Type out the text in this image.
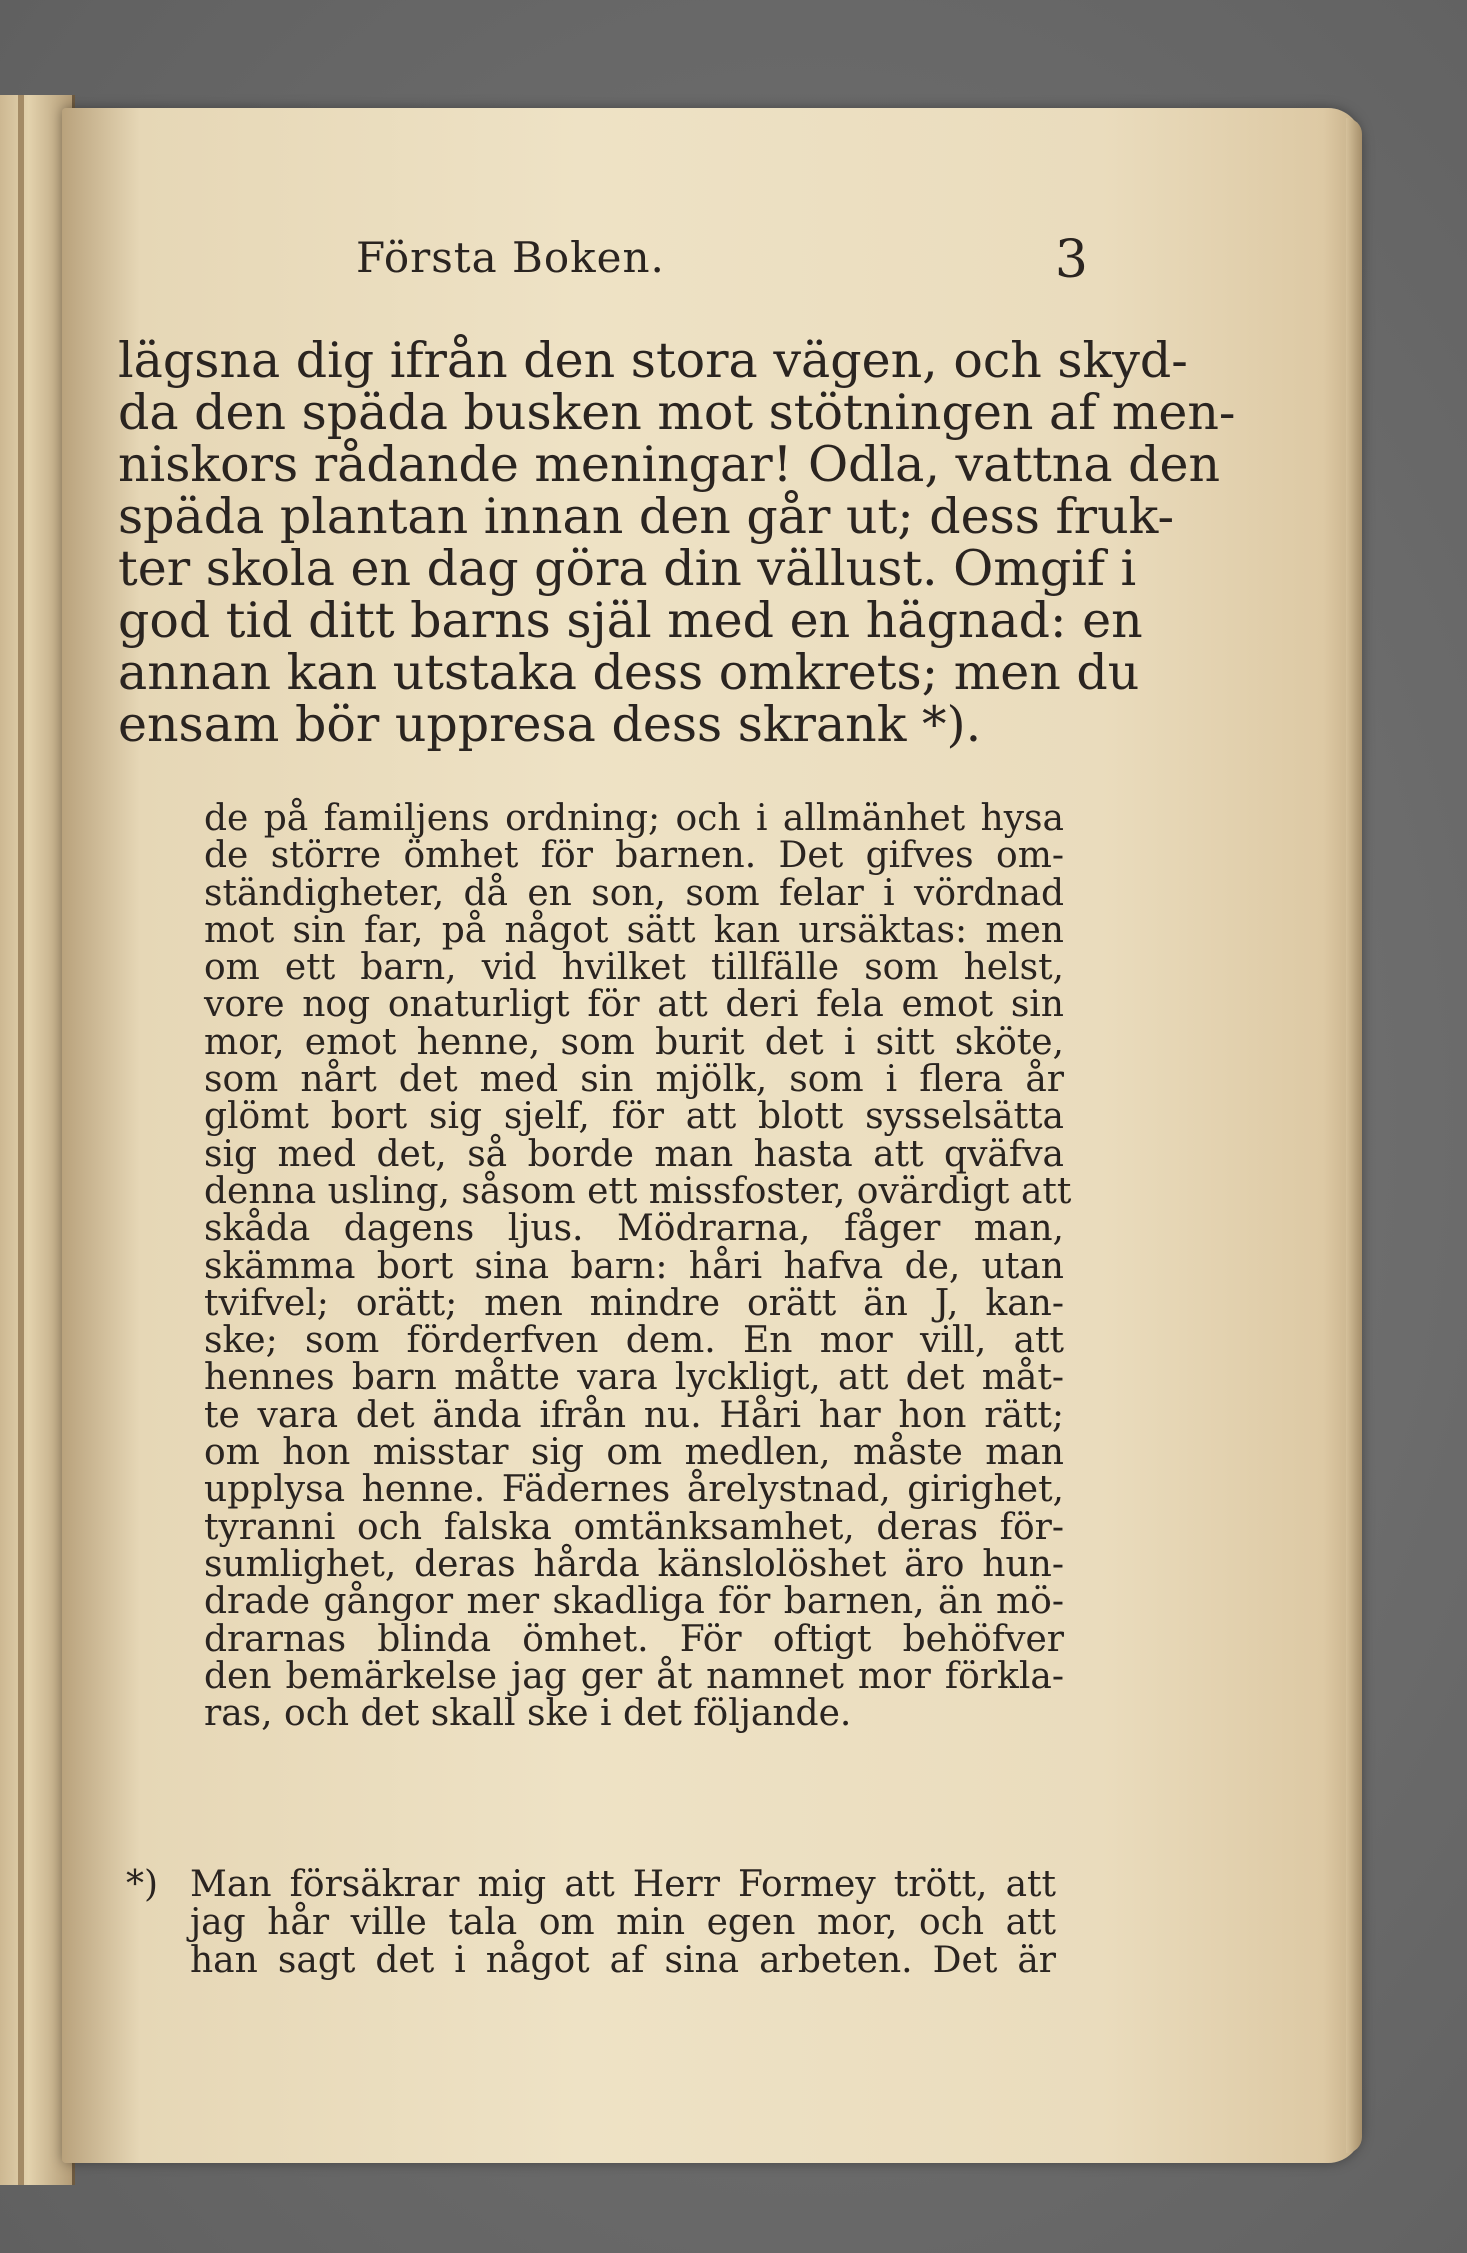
Första Boken.	3
lägsna dig ifrån den stora vägen, och skyd-
da den späda busken mot stötningen af men-
niskors rådande meningar! Odla, vattna den
späda plantan innan den går ut; dess fruk-
ter skola en dag göra din vällust. Omgif i
god tid ditt barns själ med en hägnad: en
annan kan utstaka dess omkrets; men du
ensam bör uppresa dess skrank *).
de på familjens ordning; och i allmänhet hysa
de större ömhet för barnen. Det gifves om-
ständigheter, då en son, som felar i vördnad
mot sin far, på något sätt kan ursäktas: men
om ett barn, vid hvilket tillfälle som helst,
vore nog onaturligt för att deri fela emot sin
mor, emot henne, som burit det i sitt sköte,
som nårt det med sin mjölk, som i flera år
glömt bort sig sjelf, för att blott sysselsätta
sig med det, så borde man hasta att qväfva
denna usling, såsom ett missfoster, ovärdigt att
skåda dagens ljus. Mödrarna, fåger man,
skämma bort sina barn: håri hafva de, utan
tvifvel; orätt; men mindre orätt än J, kan-
ske; som förderfven dem. En mor vill, att
hennes barn måtte vara lyckligt, att det måt-
te vara det ända ifrån nu. Håri har hon rätt;
om hon misstar sig om medlen, måste man
upplysa henne. Fädernes årelystnad, girighet,
tyranni och falska omtänksamhet, deras för-
sumlighet, deras hårda känslolöshet äro hun-
drade gångor mer skadliga för barnen, än mö-
drarnas blinda ömhet. För oftigt behöfver
den bemärkelse jag ger åt namnet mor förkla-
ras, och det skall ske i det följande.
*) Man försäkrar mig att Herr Formey trött, att
jag hår ville tala om min egen mor, och att
han sagt det i något af sina arbeten. Det är
